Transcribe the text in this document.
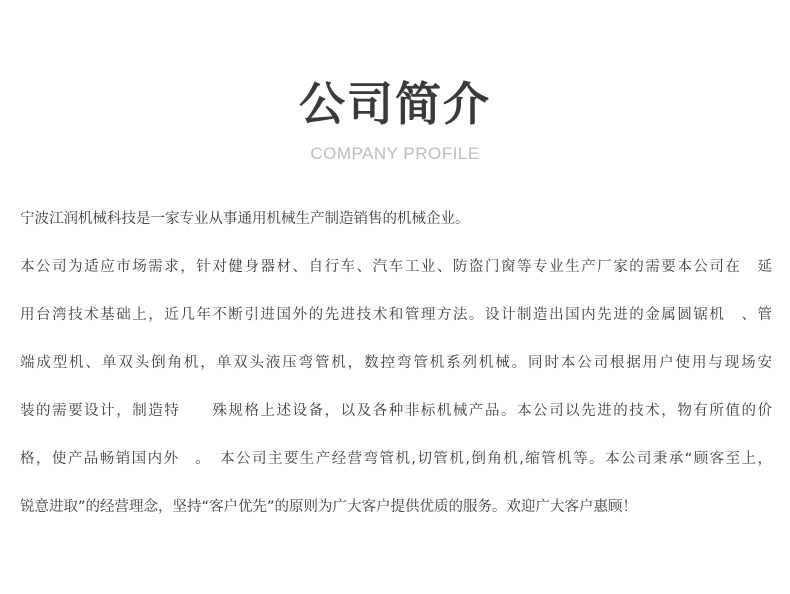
公司简介
COMPANY PROFILE
宁波江润机械科技是一家专业从事通用机械生产制造销售的机械企业。
本公司为适应市场需求，针对健身器材、自行车、汽车工业、防盗门窗等专业生产厂家的需要本公司在　延
用台湾技术基础上，近几年不断引进国外的先进技术和管理方法。设计制造出国内先进的金属圆锯机　、管
端成型机、单双头倒角机，单双头液压弯管机，数控弯管机系列机械。同时本公司根据用户使用与现场安
装的需要设计，制造特　　殊规格上述设备，以及各种非标机械产品。本公司以先进的技术，物有所值的价
格，使产品畅销国内外　。　本公司主要生产经营弯管机,切管机,倒角机,缩管机等。本公司秉承“顾客至上，
锐意进取”的经营理念，坚持“客户优先”的原则为广大客户提供优质的服务。欢迎广大客户惠顾！
